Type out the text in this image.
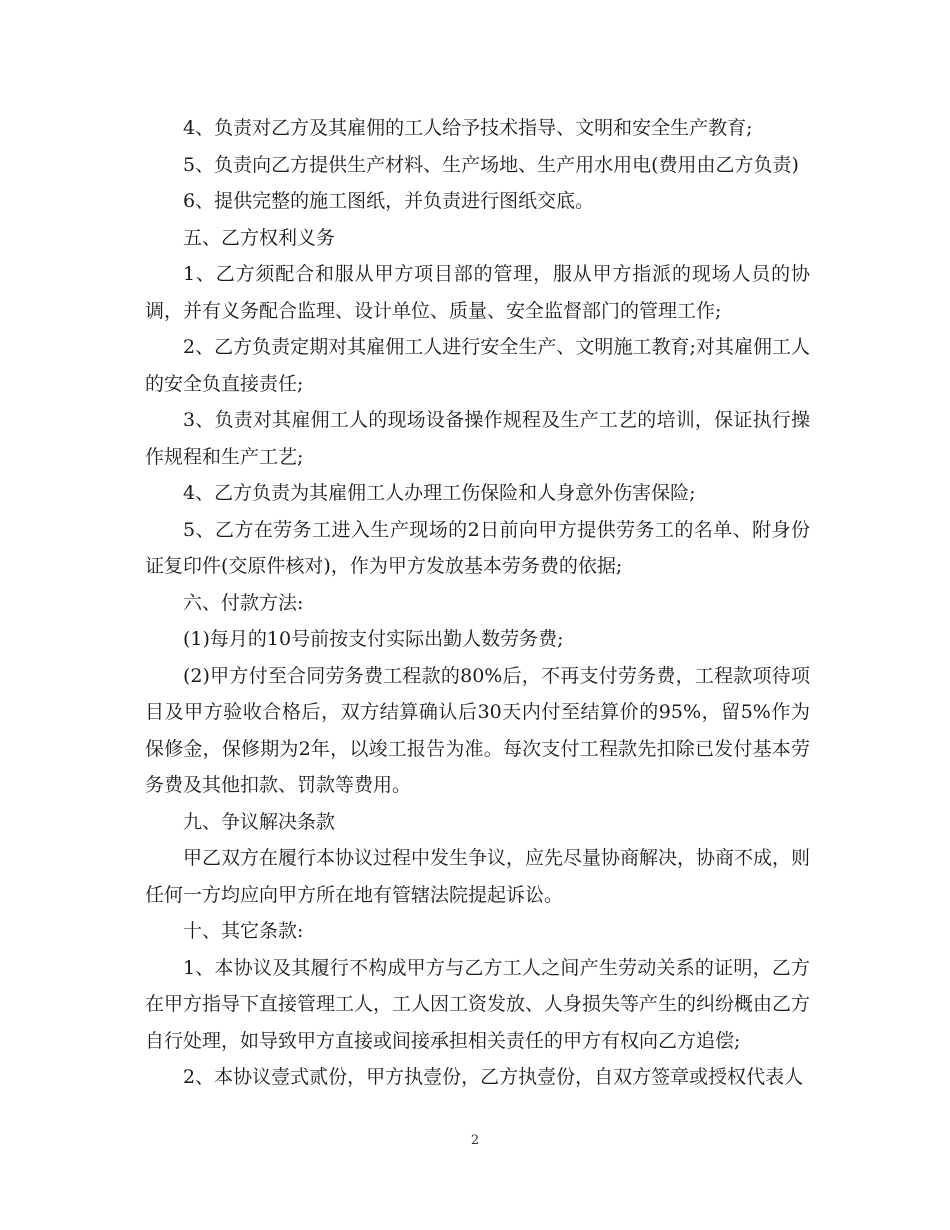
4、负责对乙方及其雇佣的工人给予技术指导、文明和安全生产教育;

5、负责向乙方提供生产材料、生产场地、生产用水用电(费用由乙方负责)

6、提供完整的施工图纸，并负责进行图纸交底。

五、乙方权利义务

1、乙方须配合和服从甲方项目部的管理，服从甲方指派的现场人员的协调，并有义务配合监理、设计单位、质量、安全监督部门的管理工作;

2、乙方负责定期对其雇佣工人进行安全生产、文明施工教育;对其雇佣工人的安全负直接责任;

3、负责对其雇佣工人的现场设备操作规程及生产工艺的培训，保证执行操作规程和生产工艺;

4、乙方负责为其雇佣工人办理工伤保险和人身意外伤害保险;

5、乙方在劳务工进入生产现场的2日前向甲方提供劳务工的名单、附身份证复印件(交原件核对)，作为甲方发放基本劳务费的依据;

六、付款方法:

(1)每月的10号前按支付实际出勤人数劳务费;

(2)甲方付至合同劳务费工程款的80%后，不再支付劳务费，工程款项待项目及甲方验收合格后，双方结算确认后30天内付至结算价的95%，留5%作为保修金，保修期为2年，以竣工报告为准。每次支付工程款先扣除已发付基本劳务费及其他扣款、罚款等费用。

九、争议解决条款

甲乙双方在履行本协议过程中发生争议，应先尽量协商解决，协商不成，则任何一方均应向甲方所在地有管辖法院提起诉讼。

十、其它条款:

1、本协议及其履行不构成甲方与乙方工人之间产生劳动关系的证明，乙方在甲方指导下直接管理工人，工人因工资发放、人身损失等产生的纠纷概由乙方自行处理，如导致甲方直接或间接承担相关责任的甲方有权向乙方追偿;

2、本协议壹式贰份，甲方执壹份，乙方执壹份，自双方签章或授权代表人

2
